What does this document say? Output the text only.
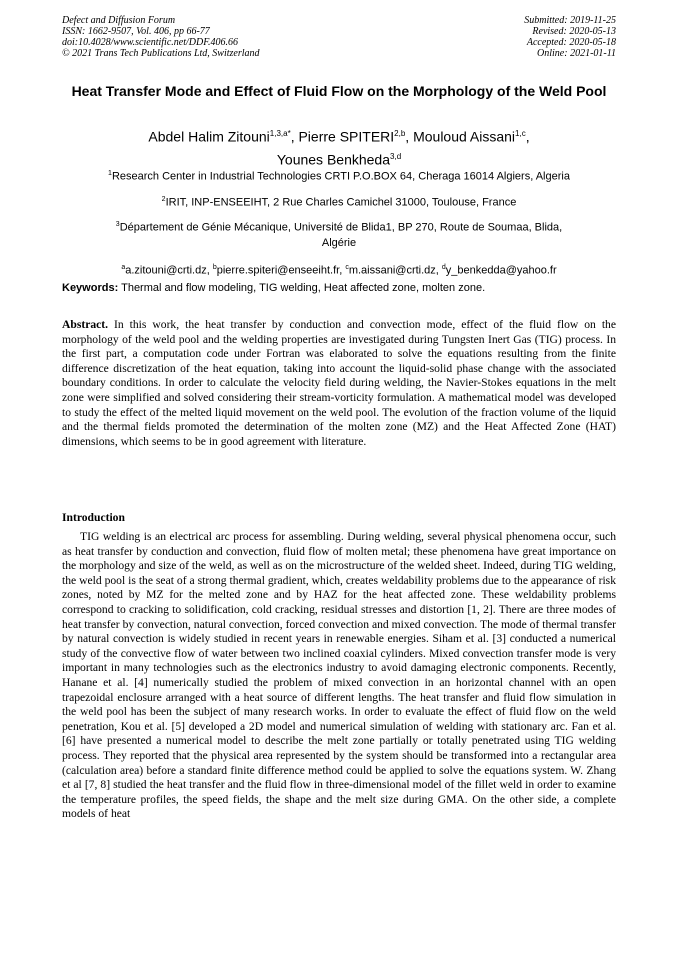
Defect and Diffusion Forum
ISSN: 1662-9507, Vol. 406, pp 66-77
doi:10.4028/www.scientific.net/DDF.406.66
© 2021 Trans Tech Publications Ltd, Switzerland
Submitted: 2019-11-25
Revised: 2020-05-13
Accepted: 2020-05-18
Online: 2021-01-11
Heat Transfer Mode and Effect of Fluid Flow on the Morphology of the Weld Pool
Abdel Halim Zitouni$^{1,3,a*}$, Pierre SPITERI$^{2,b}$, Mouloud Aissani$^{1,c}$,
Younes Benkheda$^{3,d}$

$^1$Research Center in Industrial Technologies CRTI P.O.BOX 64, Cheraga 16014 Algiers, Algeria

$^2$IRIT, INP-ENSEEIHT, 2 Rue Charles Camichel 31000, Toulouse, France

$^3$Département de Génie Mécanique, Université de Blida1, BP 270, Route de Soumaa, Blida, Algérie

$^a$a.zitouni@crti.dz, $^b$pierre.spiteri@enseeiht.fr, $^c$m.aissani@crti.dz, $^d$y_benkedda@yahoo.fr

Keywords: Thermal and flow modeling, TIG welding, Heat affected zone, molten zone.

Abstract. In this work, the heat transfer by conduction and convection mode, effect of the fluid flow on the morphology of the weld pool and the welding properties are investigated during Tungsten Inert Gas (TIG) process. In the first part, a computation code under Fortran was elaborated to solve the equations resulting from the finite difference discretization of the heat equation, taking into account the liquid-solid phase change with the associated boundary conditions. In order to calculate the velocity field during welding, the Navier-Stokes equations in the melt zone were simplified and solved considering their stream-vorticity formulation. A mathematical model was developed to study the effect of the melted liquid movement on the weld pool. The evolution of the fraction volume of the liquid and the thermal fields promoted the determination of the molten zone (MZ) and the Heat Affected Zone (HAT) dimensions, which seems to be in good agreement with literature.

Introduction

TIG welding is an electrical arc process for assembling. During welding, several physical phenomena occur, such as heat transfer by conduction and convection, fluid flow of molten metal; these phenomena have great importance on the morphology and size of the weld, as well as on the microstructure of the welded sheet. Indeed, during TIG welding, the weld pool is the seat of a strong thermal gradient, which, creates weldability problems due to the appearance of risk zones, noted by MZ for the melted zone and by HAZ for the heat affected zone. These weldability problems correspond to cracking to solidification, cold cracking, residual stresses and distortion [1, 2]. There are three modes of heat transfer by convection, natural convection, forced convection and mixed convection. The mode of thermal transfer by natural convection is widely studied in recent years in renewable energies. Siham et al. [3] conducted a numerical study of the convective flow of water between two inclined coaxial cylinders. Mixed convection transfer mode is very important in many technologies such as the electronics industry to avoid damaging electronic components. Recently, Hanane et al. [4] numerically studied the problem of mixed convection in an horizontal channel with an open trapezoidal enclosure arranged with a heat source of different lengths. The heat transfer and fluid flow simulation in the weld pool has been the subject of many research works. In order to evaluate the effect of fluid flow on the weld penetration, Kou et al. [5] developed a 2D model and numerical simulation of welding with stationary arc. Fan et al. [6] have presented a numerical model to describe the melt zone partially or totally penetrated using TIG welding process. They reported that the physical area represented by the system should be transformed into a rectangular area (calculation area) before a standard finite difference method could be applied to solve the equations system. W. Zhang et al [7, 8] studied the heat transfer and the fluid flow in three-dimensional model of the fillet weld in order to examine the temperature profiles, the speed fields, the shape and the melt size during GMA. On the other side, a complete models of heat
